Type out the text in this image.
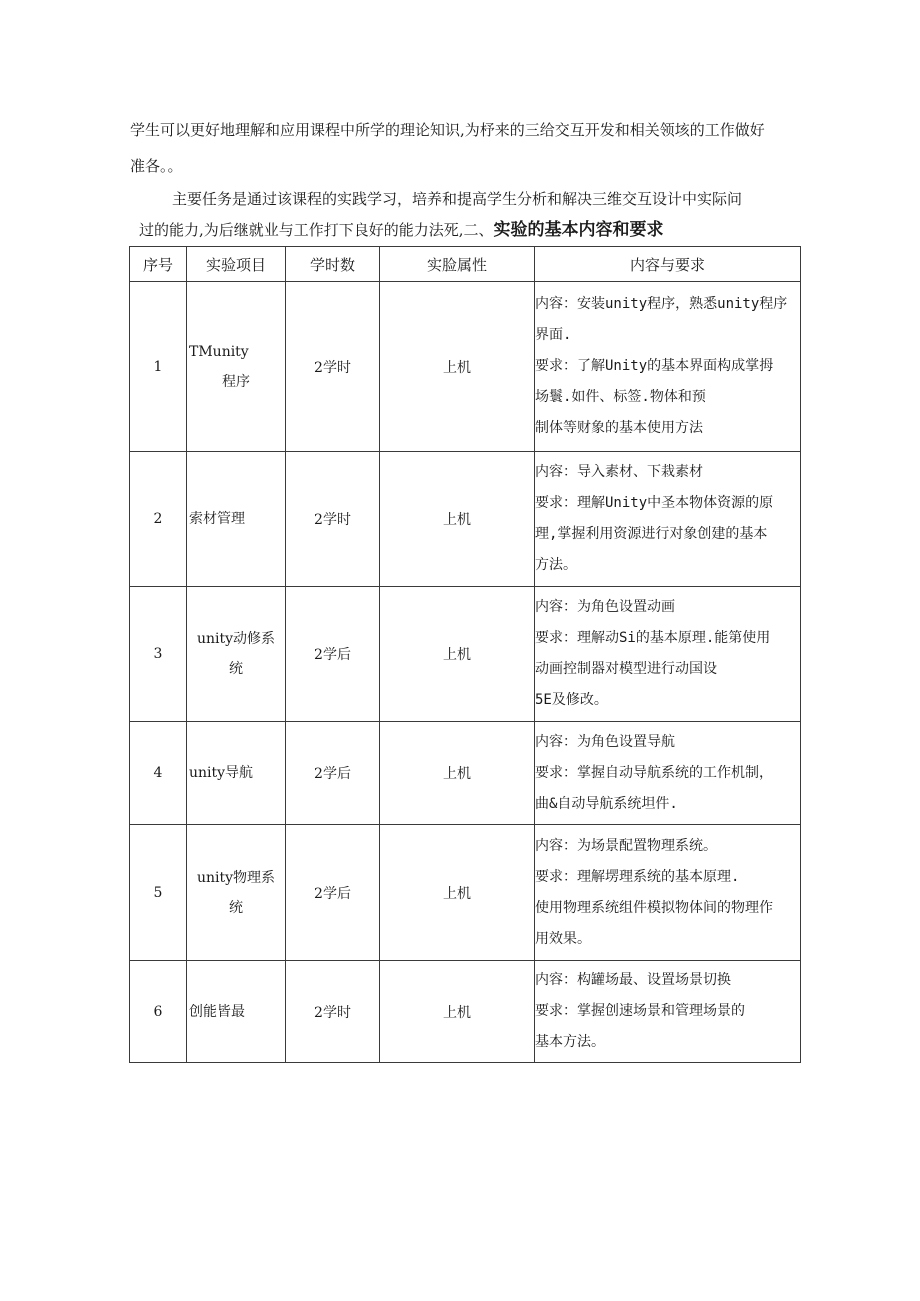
学生可以更好地理解和应用课程中所学的理论知识,为杼来的三给交互开发和相关领垓的工作做好

准各。。

主要任务是通过该课程的实践学习，培养和提高学生分析和解决三维交互设计中实际问

过的能力,为后继就业与工作打下良好的能力法死,二、实验的基本内容和要求

序号	实验项目	学时数	实脸属性	内容与要求
1	TMunity
程序	2学时	上机	内容：安装unity程序，熟悉unity程序
界面.
要求：了解Unity的基本界面构成掌拇
场鬟.如件、标签.物体和预
制体等财象的基本使用方法

2	索材管理	2学时	上机	内容：导入素材、下栽素材
要求：理解Unity中圣本物体资源的原
理,掌握利用资源进行对象创建的基本
方法。

3	unity动修系
统	2学后	上机	内容：为角色设置动画
要求：理解动Si的基本原理.能第使用
动画控制器对模型进行动国设
5E及修改。

4	unity导航	2学后	上机	内容：为角色设置导航
要求：掌握自动导航系统的工作机制，
曲&自动导航系统坦件.

5	unity物理系
统	2学后	上机	内容：为场景配置物理系统。
要求：理解塄理系统的基本原理.
使用物理系统组件模拟物体间的物理作
用效果。

6	创能皆最	2学时	上机	内容：构罐场最、设置场景切换
要求：掌握创速场景和管理场景的
基本方法。
